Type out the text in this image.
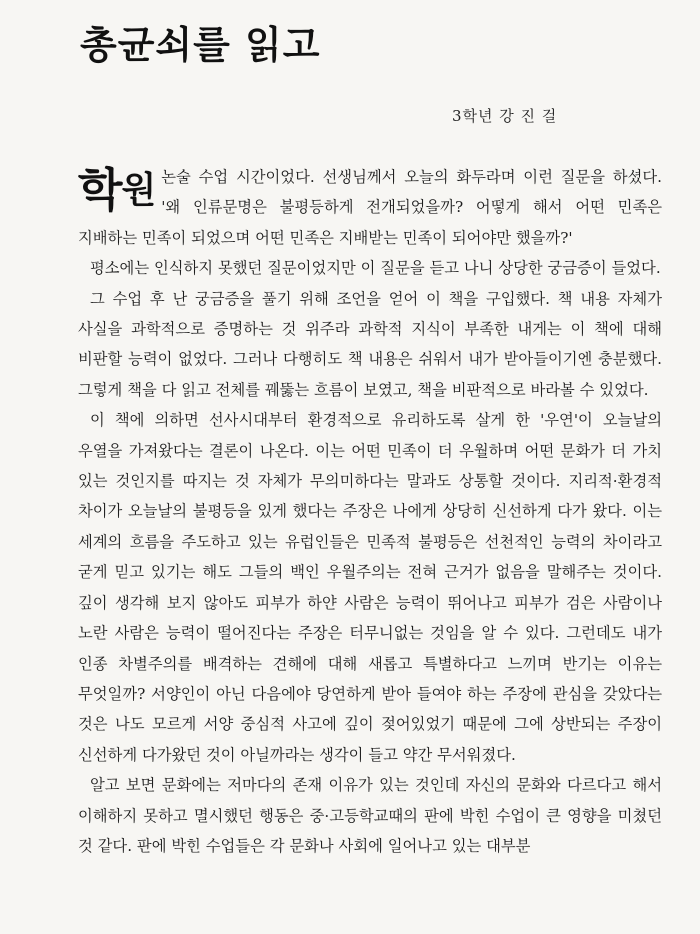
총균쇠를 읽고
3학년 강 진 걸

학원 논술 수업 시간이었다. 선생님께서 오늘의 화두라며 이런 질문을 하셨다. '왜 인류문명은 불평등하게 전개되었을까? 어떻게 해서 어떤 민족은 지배하는 민족이 되었으며 어떤 민족은 지배받는 민족이 되어야만 했을까?'

평소에는 인식하지 못했던 질문이었지만 이 질문을 듣고 나니 상당한 궁금증이 들었다.

그 수업 후 난 궁금증을 풀기 위해 조언을 얻어 이 책을 구입했다. 책 내용 자체가 사실을 과학적으로 증명하는 것 위주라 과학적 지식이 부족한 내게는 이 책에 대해 비판할 능력이 없었다. 그러나 다행히도 책 내용은 쉬워서 내가 받아들이기엔 충분했다. 그렇게 책을 다 읽고 전체를 꿰뚫는 흐름이 보였고, 책을 비판적으로 바라볼 수 있었다.

이 책에 의하면 선사시대부터 환경적으로 유리하도록 살게 한 '우연'이 오늘날의 우열을 가져왔다는 결론이 나온다. 이는 어떤 민족이 더 우월하며 어떤 문화가 더 가치 있는 것인지를 따지는 것 자체가 무의미하다는 말과도 상통할 것이다. 지리적·환경적 차이가 오늘날의 불평등을 있게 했다는 주장은 나에게 상당히 신선하게 다가 왔다. 이는 세계의 흐름을 주도하고 있는 유럽인들은 민족적 불평등은 선천적인 능력의 차이라고 굳게 믿고 있기는 해도 그들의 백인 우월주의는 전혀 근거가 없음을 말해주는 것이다. 깊이 생각해 보지 않아도 피부가 하얀 사람은 능력이 뛰어나고 피부가 검은 사람이나 노란 사람은 능력이 떨어진다는 주장은 터무니없는 것임을 알 수 있다. 그런데도 내가 인종 차별주의를 배격하는 견해에 대해 새롭고 특별하다고 느끼며 반기는 이유는 무엇일까? 서양인이 아닌 다음에야 당연하게 받아 들여야 하는 주장에 관심을 갖았다는 것은 나도 모르게 서양 중심적 사고에 깊이 젖어있었기 때문에 그에 상반되는 주장이 신선하게 다가왔던 것이 아닐까라는 생각이 들고 약간 무서워졌다.

알고 보면 문화에는 저마다의 존재 이유가 있는 것인데 자신의 문화와 다르다고 해서 이해하지 못하고 멸시했던 행동은 중·고등학교때의 판에 박힌 수업이 큰 영향을 미쳤던 것 같다. 판에 박힌 수업들은 각 문화나 사회에 일어나고 있는 대부분
